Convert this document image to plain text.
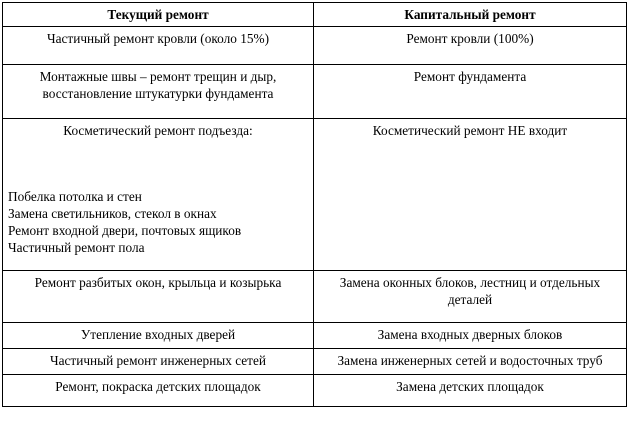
Текущий ремонт	Капитальный ремонт
Частичный ремонт кровли (около 15%)	Ремонт кровли (100%)

Монтажные швы – ремонт трещин и дыр,
восстановление штукатурки фундамента	Ремонт фундамента

Косметический ремонт подъезда:
Побелка потолка и стен
Замена светильников, стекол в окнах
Ремонт входной двери, почтовых ящиков
Частичный ремонт пола	Косметический ремонт НЕ входит
Ремонт разбитых окон, крыльца и козырька	Замена оконных блоков, лестниц и отдельных
деталей

Утепление входных дверей	Замена входных дверных блоков
Частичный ремонт инженерных сетей	Замена инженерных сетей и водосточных труб
Ремонт, покраска детских площадок	Замена детских площадок
